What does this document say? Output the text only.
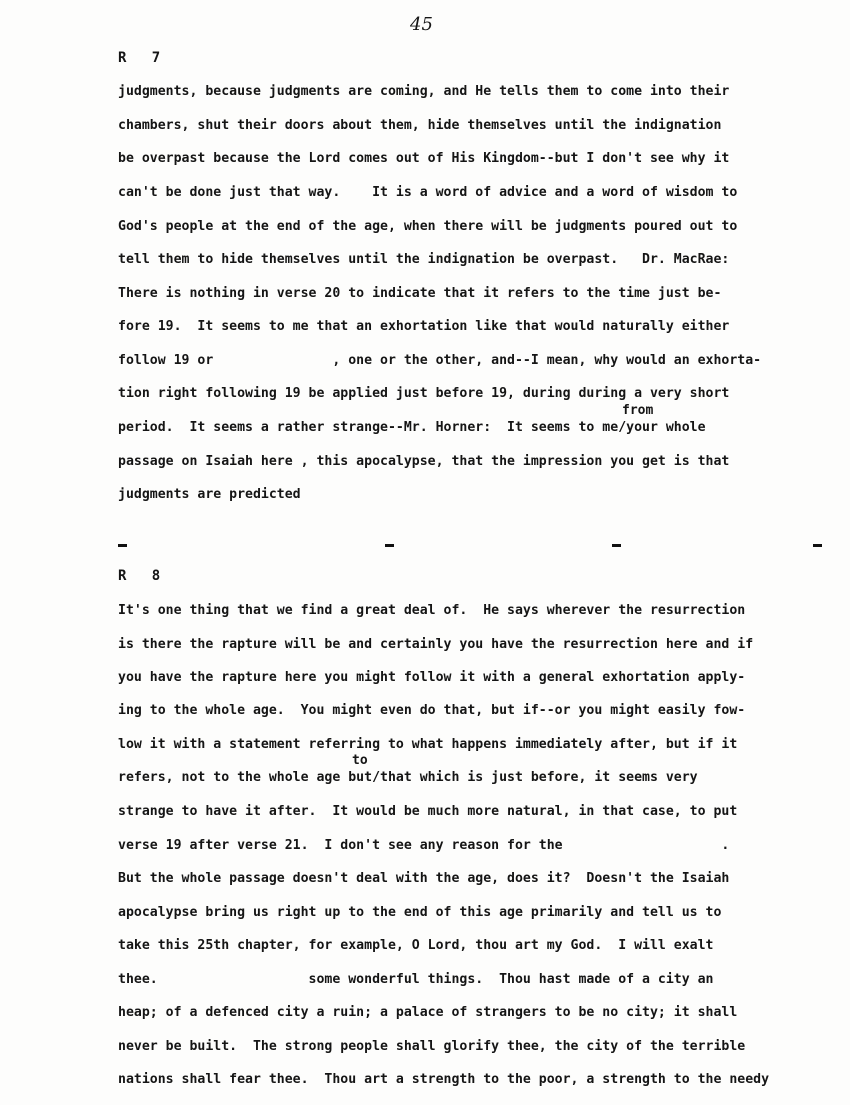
45
R   7
judgments, because judgments are coming, and He tells them to come into their
chambers, shut their doors about them, hide themselves until the indignation
be overpast because the Lord comes out of His Kingdom--but I don't see why it
can't be done just that way.    It is a word of advice and a word of wisdom to
God's people at the end of the age, when there will be judgments poured out to
tell them to hide themselves until the indignation be overpast.   Dr. MacRae:
There is nothing in verse 20 to indicate that it refers to the time just be-
fore 19.  It seems to me that an exhortation like that would naturally either
follow 19 or               , one or the other, and--I mean, why would an exhorta-
tion right following 19 be applied just before 19, during during a very short
from
period.  It seems a rather strange--Mr. Horner:  It seems to me/your whole
passage on Isaiah here , this apocalypse, that the impression you get is that
judgments are predicted
R   8
It's one thing that we find a great deal of.  He says wherever the resurrection
is there the rapture will be and certainly you have the resurrection here and if
you have the rapture here you might follow it with a general exhortation apply-
ing to the whole age.  You might even do that, but if--or you might easily fow-
low it with a statement referring to what happens immediately after, but if it
to
refers, not to the whole age but/that which is just before, it seems very
strange to have it after.  It would be much more natural, in that case, to put
verse 19 after verse 21.  I don't see any reason for the                    .
But the whole passage doesn't deal with the age, does it?  Doesn't the Isaiah
apocalypse bring us right up to the end of this age primarily and tell us to
take this 25th chapter, for example, O Lord, thou art my God.  I will exalt
thee.                   some wonderful things.  Thou hast made of a city an
heap; of a defenced city a ruin; a palace of strangers to be no city; it shall
never be built.  The strong people shall glorify thee, the city of the terrible
nations shall fear thee.  Thou art a strength to the poor, a strength to the needy
